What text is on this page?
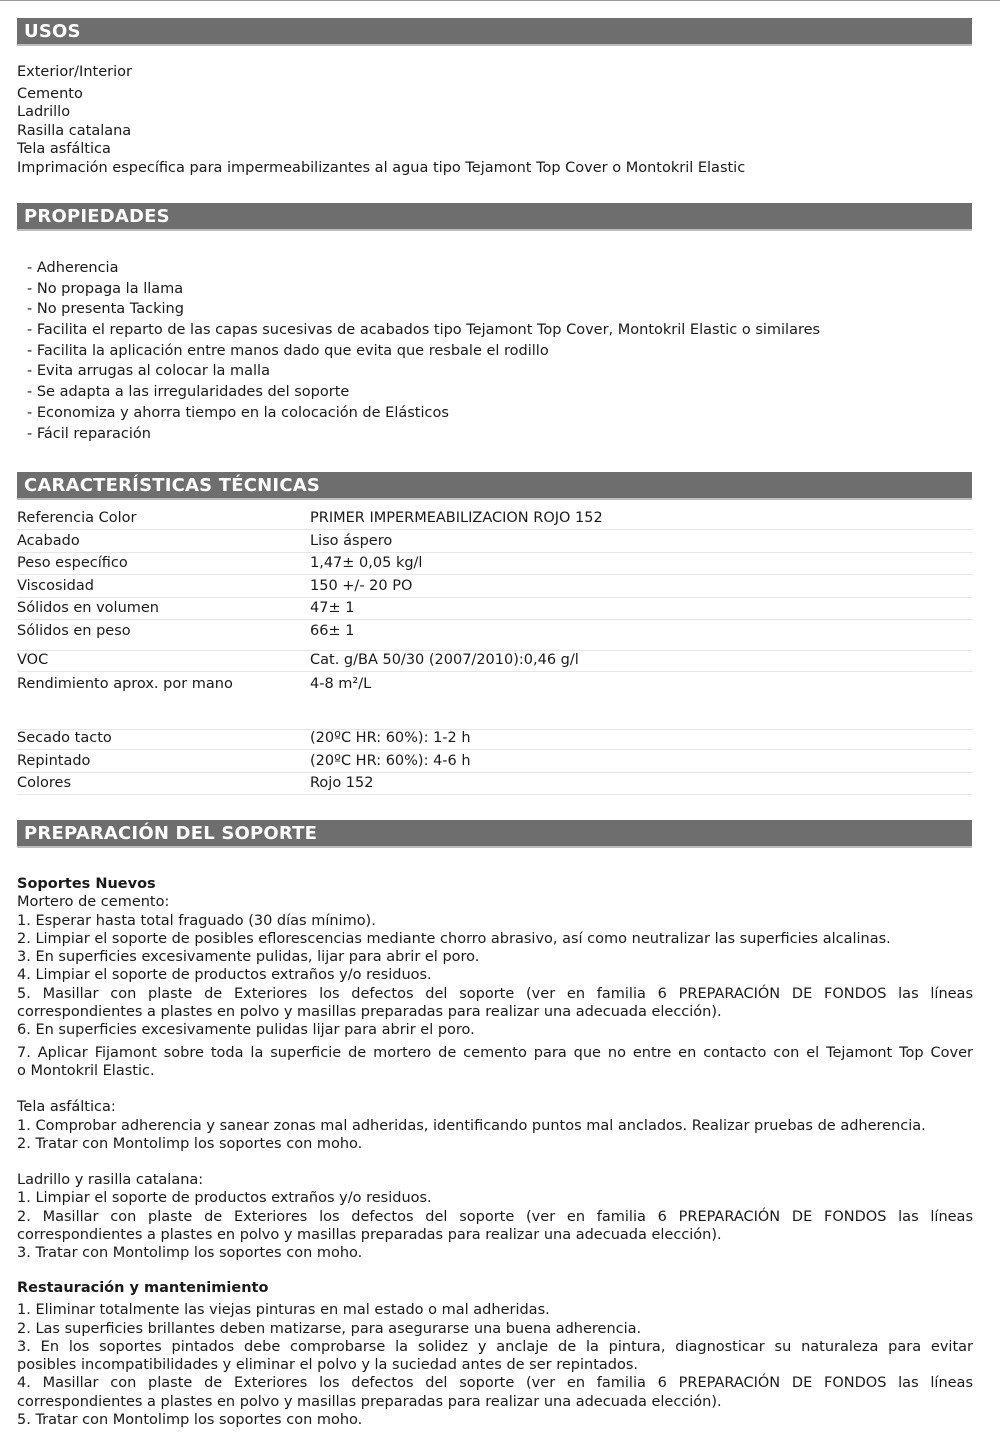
USOS
Exterior/Interior
Cemento
Ladrillo
Rasilla catalana
Tela asfáltica
Imprimación específica para impermeabilizantes al agua tipo Tejamont Top Cover o Montokril Elastic
PROPIEDADES
- Adherencia
- No propaga la llama
- No presenta Tacking
- Facilita el reparto de las capas sucesivas de acabados tipo Tejamont Top Cover, Montokril Elastic o similares
- Facilita la aplicación entre manos dado que evita que resbale el rodillo
- Evita arrugas al colocar la malla
- Se adapta a las irregularidades del soporte
- Economiza y ahorra tiempo en la colocación de Elásticos
- Fácil reparación
CARACTERÍSTICAS TÉCNICAS
Referencia Color	PRIMER IMPERMEABILIZACION ROJO 152
Acabado	Liso áspero
Peso específico	1,47± 0,05 kg/l
Viscosidad	150 +/- 20 PO
Sólidos en volumen	47± 1
Sólidos en peso	66± 1
VOC	Cat. g/BA 50/30 (2007/2010):0,46 g/l
Rendimiento aprox. por mano	4-8 m²/L
Secado tacto	(20ºC HR: 60%): 1-2 h
Repintado	(20ºC HR: 60%): 4-6 h
Colores	Rojo 152
PREPARACIÓN DEL SOPORTE
Soportes Nuevos
Mortero de cemento:
1. Esperar hasta total fraguado (30 días mínimo).
2. Limpiar el soporte de posibles eflorescencias mediante chorro abrasivo, así como neutralizar las superficies alcalinas.
3. En superficies excesivamente pulidas, lijar para abrir el poro.
4. Limpiar el soporte de productos extraños y/o residuos.
5. Masillar con plaste de Exteriores los defectos del soporte (ver en familia 6 PREPARACIÓN DE FONDOS las líneas
correspondientes a plastes en polvo y masillas preparadas para realizar una adecuada elección).
6. En superficies excesivamente pulidas lijar para abrir el poro.
7. Aplicar Fijamont sobre toda la superficie de mortero de cemento para que no entre en contacto con el Tejamont Top Cover
o Montokril Elastic.
Tela asfáltica:
1. Comprobar adherencia y sanear zonas mal adheridas, identificando puntos mal anclados. Realizar pruebas de adherencia.
2. Tratar con Montolimp los soportes con moho.
Ladrillo y rasilla catalana:
1. Limpiar el soporte de productos extraños y/o residuos.
2. Masillar con plaste de Exteriores los defectos del soporte (ver en familia 6 PREPARACIÓN DE FONDOS las líneas
correspondientes a plastes en polvo y masillas preparadas para realizar una adecuada elección).
3. Tratar con Montolimp los soportes con moho.
Restauración y mantenimiento
1. Eliminar totalmente las viejas pinturas en mal estado o mal adheridas.
2. Las superficies brillantes deben matizarse, para asegurarse una buena adherencia.
3. En los soportes pintados debe comprobarse la solidez y anclaje de la pintura, diagnosticar su naturaleza para evitar
posibles incompatibilidades y eliminar el polvo y la suciedad antes de ser repintados.
4. Masillar con plaste de Exteriores los defectos del soporte (ver en familia 6 PREPARACIÓN DE FONDOS las líneas
correspondientes a plastes en polvo y masillas preparadas para realizar una adecuada elección).
5. Tratar con Montolimp los soportes con moho.
